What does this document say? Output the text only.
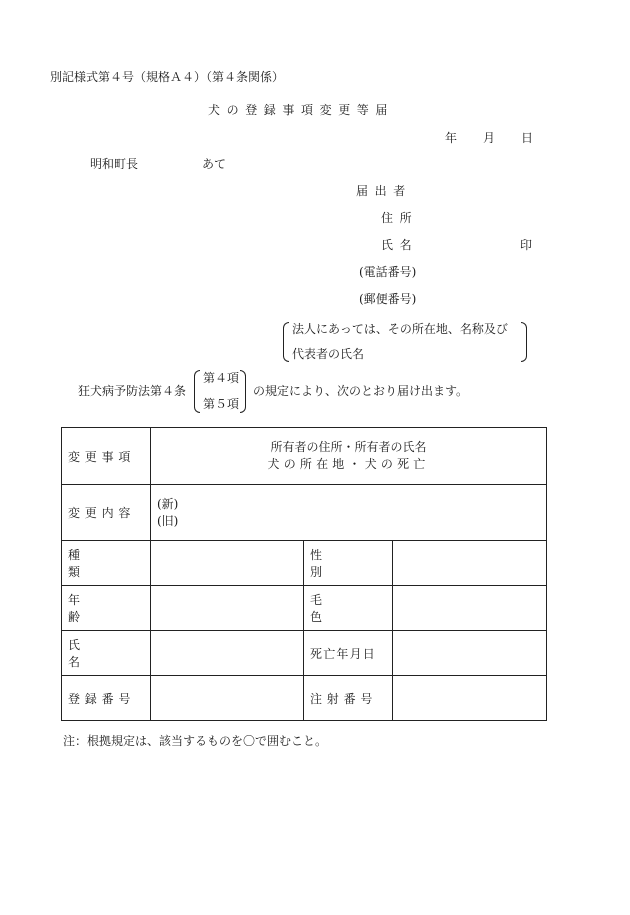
別記様式第４号（規格Ａ４）（第４条関係）
犬の登録事項変更等届
年 月 日
明和町長	あて
届出者
住所
氏名	印
(電話番号)
(郵便番号)
法人にあっては、その所在地、名称及び
代表者の氏名
狂犬病予防法第４条
第４項
第５項
の規定により、次のとおり届け出ます。
変更事項	所有者の住所・所有者の氏名
犬の所在地・犬の死亡		

変更内容	(新)
(旧)		

種類		性別	
年齢		毛色	
氏名		死亡年月日	
登録番号		注射番号	
注：根拠規定は、該当するものを〇で囲むこと。
